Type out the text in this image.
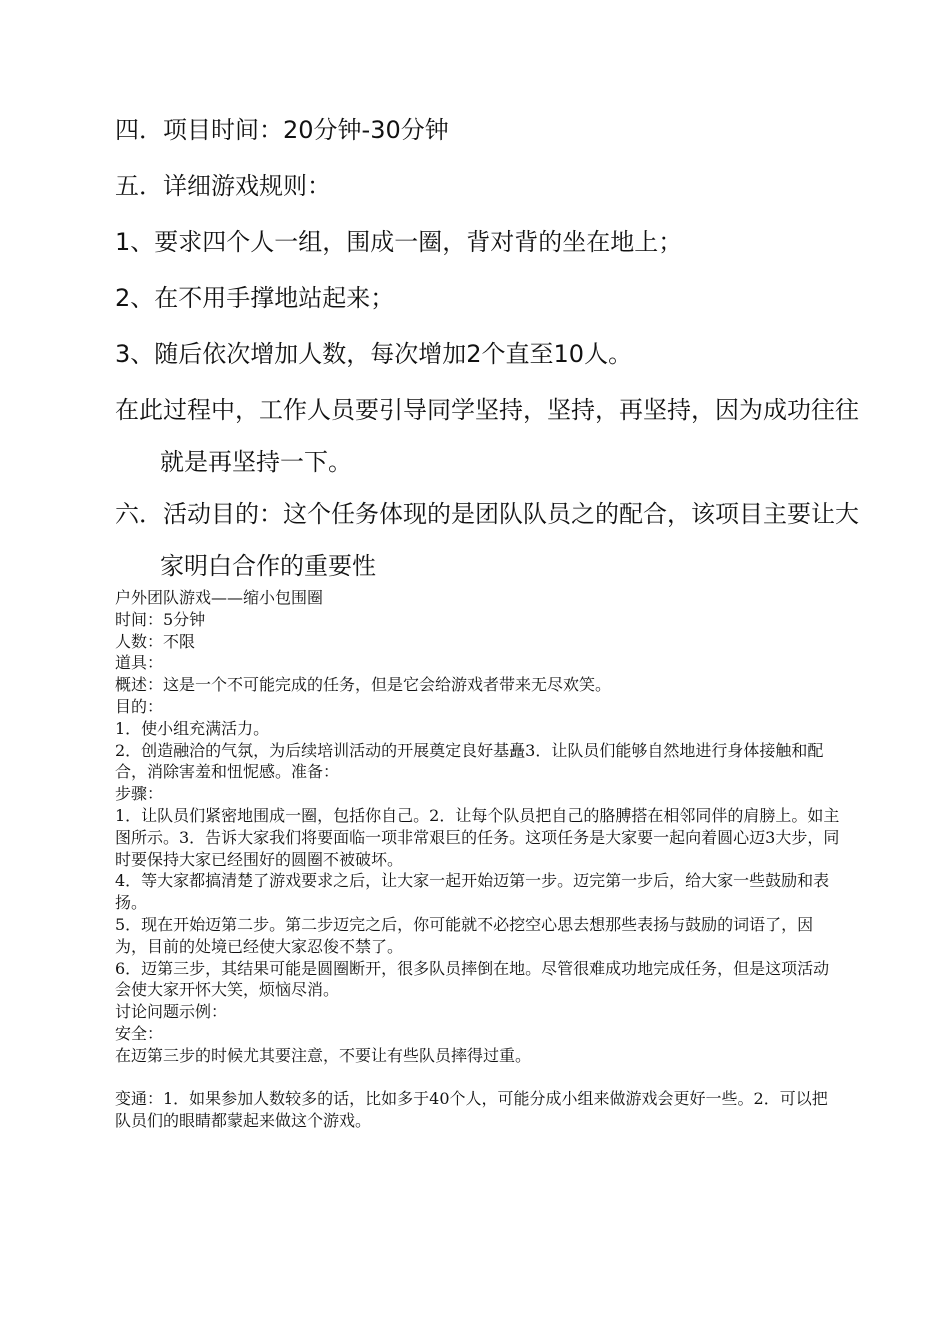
四．项目时间：20分钟-30分钟

五．详细游戏规则：

1、要求四个人一组，围成一圈，背对背的坐在地上；

2、在不用手撑地站起来；

3、随后依次增加人数，每次增加2个直至10人。

在此过程中，工作人员要引导同学坚持，坚持，再坚持，因为成功往往就是再坚持一下。

六．活动目的：这个任务体现的是团队队员之的配合，该项目主要让大家明白合作的重要性

户外团队游戏——缩小包围圈

时间：5分钟

人数：不限

道具：

概述：这是一个不可能完成的任务，但是它会给游戏者带来无尽欢笑。

目的：

1．使小组充满活力。

2．创造融洽的气氛，为后续培训活动的开展奠定良好基矗3．让队员们能够自然地进行身体接触和配合，消除害羞和忸怩感。准备：

步骤：

1．让队员们紧密地围成一圈，包括你自己。2．让每个队员把自己的胳膊搭在相邻同伴的肩膀上。如主图所示。3．告诉大家我们将要面临一项非常艰巨的任务。这项任务是大家要一起向着圆心迈3大步，同时要保持大家已经围好的圆圈不被破坏。

4．等大家都搞清楚了游戏要求之后，让大家一起开始迈第一步。迈完第一步后，给大家一些鼓励和表扬。

5．现在开始迈第二步。第二步迈完之后，你可能就不必挖空心思去想那些表扬与鼓励的词语了，因为，目前的处境已经使大家忍俊不禁了。

6．迈第三步，其结果可能是圆圈断开，很多队员摔倒在地。尽管很难成功地完成任务，但是这项活动会使大家开怀大笑，烦恼尽消。

讨论问题示例：

安全：

在迈第三步的时候尤其要注意，不要让有些队员摔得过重。

变通：1．如果参加人数较多的话，比如多于40个人，可能分成小组来做游戏会更好一些。2．可以把队员们的眼睛都蒙起来做这个游戏。
